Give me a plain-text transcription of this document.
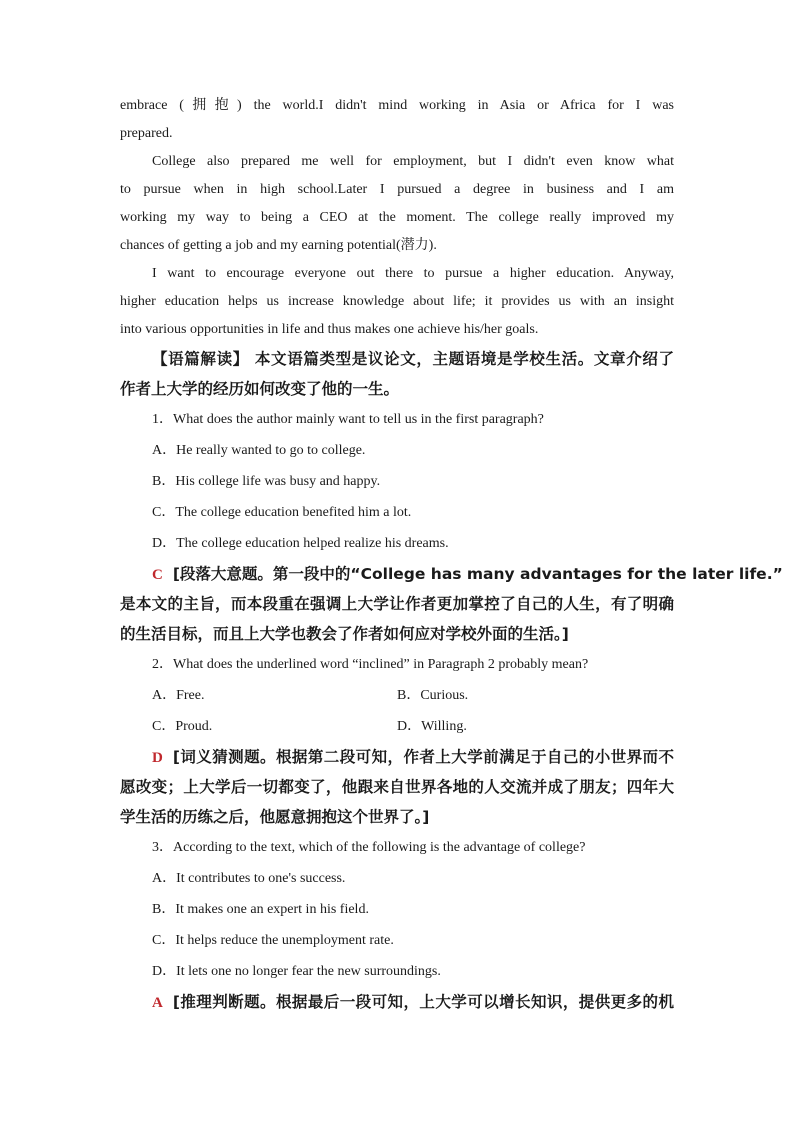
embrace (拥抱) the world.I didn't mind working in Asia or Africa for I was
prepared.
College also prepared me well for employment, but I didn't even know what
to pursue when in high school.Later I pursued a degree in business and I am
working my way to being a CEO at the moment. The college really improved my
chances of getting a job and my earning potential(潜力).
I want to encourage everyone out there to pursue a higher education. Anyway,
higher education helps us increase knowledge about life; it provides us with an insight
into various opportunities in life and thus makes one achieve his/her goals.
【语篇解读】 本文语篇类型是议论文，主题语境是学校生活。文章介绍了
作者上大学的经历如何改变了他的一生。
1．What does the author mainly want to tell us in the first paragraph?
A．He really wanted to go to college.
B．His college life was busy and happy.
C．The college education benefited him a lot.
D．The college education helped realize his dreams.
C [段落大意题。第一段中的“College has many advantages for the later life.”
是本文的主旨，而本段重在强调上大学让作者更加掌控了自己的人生，有了明确
的生活目标，而且上大学也教会了作者如何应对学校外面的生活。]
2．What does the underlined word “inclined” in Paragraph 2 probably mean?
A．Free.	B．Curious.
C．Proud.	D．Willing.
D [词义猜测题。根据第二段可知，作者上大学前满足于自己的小世界而不
愿改变；上大学后一切都变了，他跟来自世界各地的人交流并成了朋友；四年大
学生活的历练之后，他愿意拥抱这个世界了。]
3．According to the text, which of the following is the advantage of college?
A．It contributes to one's success.
B．It makes one an expert in his field.
C．It helps reduce the unemployment rate.
D．It lets one no longer fear the new surroundings.
A [推理判断题。根据最后一段可知，上大学可以增长知识，提供更多的机
